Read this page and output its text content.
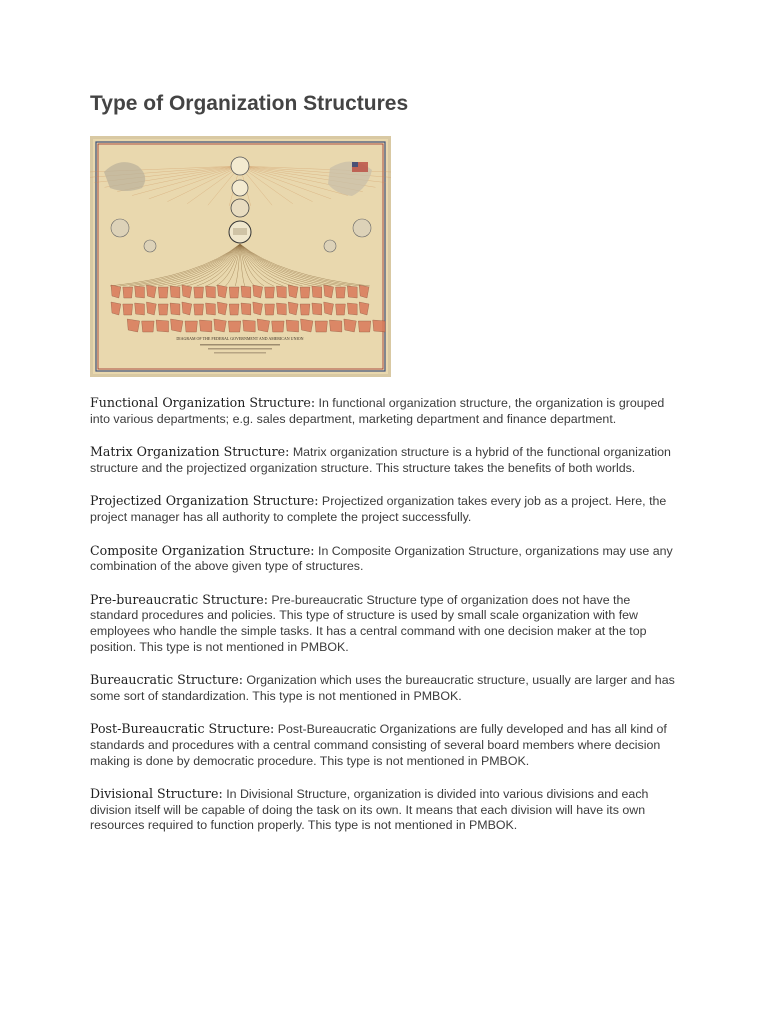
Type of Organization Structures
DIAGRAM OF THE FEDERAL GOVERNMENT AND AMERICAN UNION

Functional Organization Structure: In functional organization structure, the organization is grouped into various departments; e.g. sales department, marketing department and finance department.

Matrix Organization Structure: Matrix organization structure is a hybrid of the functional organization structure and the projectized organization structure. This structure takes the benefits of both worlds.

Projectized Organization Structure: Projectized organization takes every job as a project. Here, the project manager has all authority to complete the project successfully.

Composite Organization Structure: In Composite Organization Structure, organizations may use any combination of the above given type of structures.

Pre-bureaucratic Structure: Pre-bureaucratic Structure type of organization does not have the standard procedures and policies. This type of structure is used by small scale organization with few employees who handle the simple tasks. It has a central command with one decision maker at the top position. This type is not mentioned in PMBOK.

Bureaucratic Structure: Organization which uses the bureaucratic structure, usually are larger and has some sort of standardization. This type is not mentioned in PMBOK.

Post-Bureaucratic Structure: Post-Bureaucratic Organizations are fully developed and has all kind of standards and procedures with a central command consisting of several board members where decision making is done by democratic procedure. This type is not mentioned in PMBOK.

Divisional Structure: In Divisional Structure, organization is divided into various divisions and each division itself will be capable of doing the task on its own. It means that each division will have its own resources required to function properly. This type is not mentioned in PMBOK.
